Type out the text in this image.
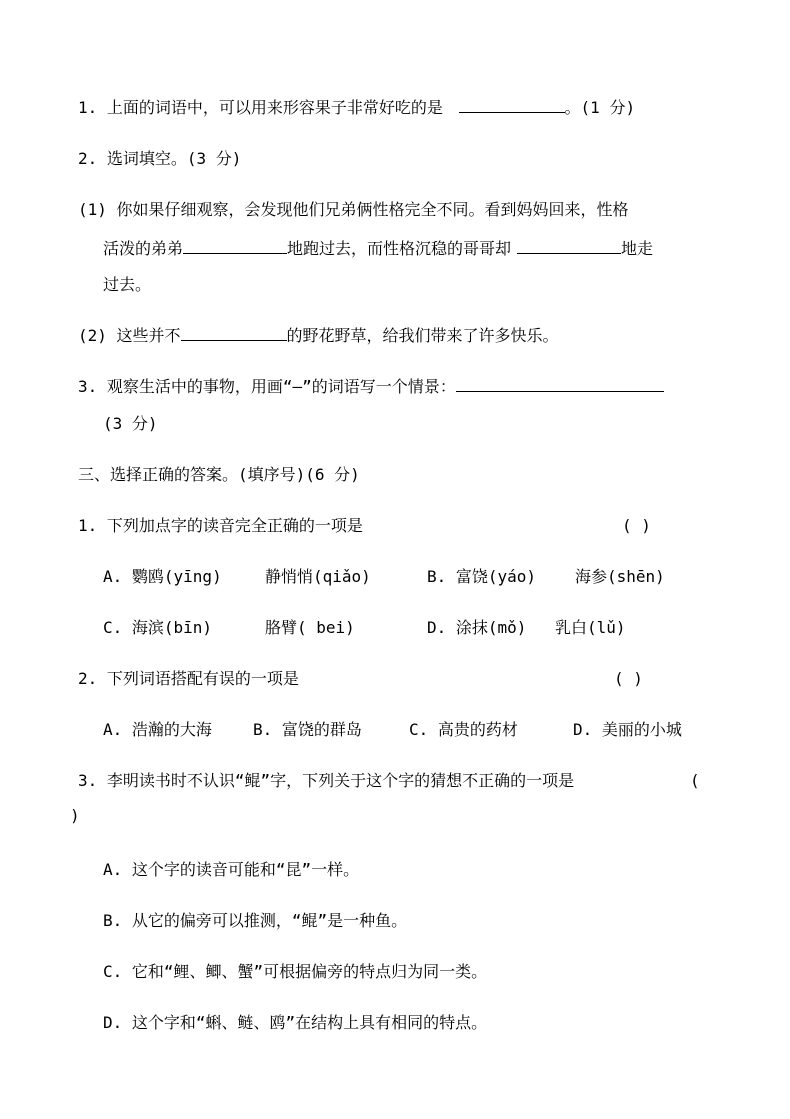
1. 上面的词语中，可以用来形容果子非常好吃的是	。(1 分)
2. 选词填空。(3 分)
(1) 你如果仔细观察，会发现他们兄弟俩性格完全不同。看到妈妈回来，性格
活泼的弟弟	地跑过去，而性格沉稳的哥哥却	地走
过去。
(2) 这些并不	的野花野草，给我们带来了许多快乐。
3. 观察生活中的事物，用画“—”的词语写一个情景：
(3 分)
三、选择正确的答案。(填序号)(6 分)
1. 下列加点字的读音完全正确的一项是	( )
A. 鹦鸥(yīng)	静悄悄(qiǎo)	B. 富饶(yáo) 海参(shēn)
C. 海滨(bīn)	胳臂( bei)	D. 涂抹(mǒ) 乳白(lǔ)
2. 下列词语搭配有误的一项是	( )
A. 浩瀚的大海	B. 富饶的群岛	C. 高贵的药材	D. 美丽的小城
3. 李明读书时不认识“鲲”字，下列关于这个字的猜想不正确的一项是	(
)
A. 这个字的读音可能和“昆”一样。
B. 从它的偏旁可以推测，“鲲”是一种鱼。
C. 它和“鲤、鲫、蟹”可根据偏旁的特点归为同一类。
D. 这个字和“蝌、鲢、鸥”在结构上具有相同的特点。
